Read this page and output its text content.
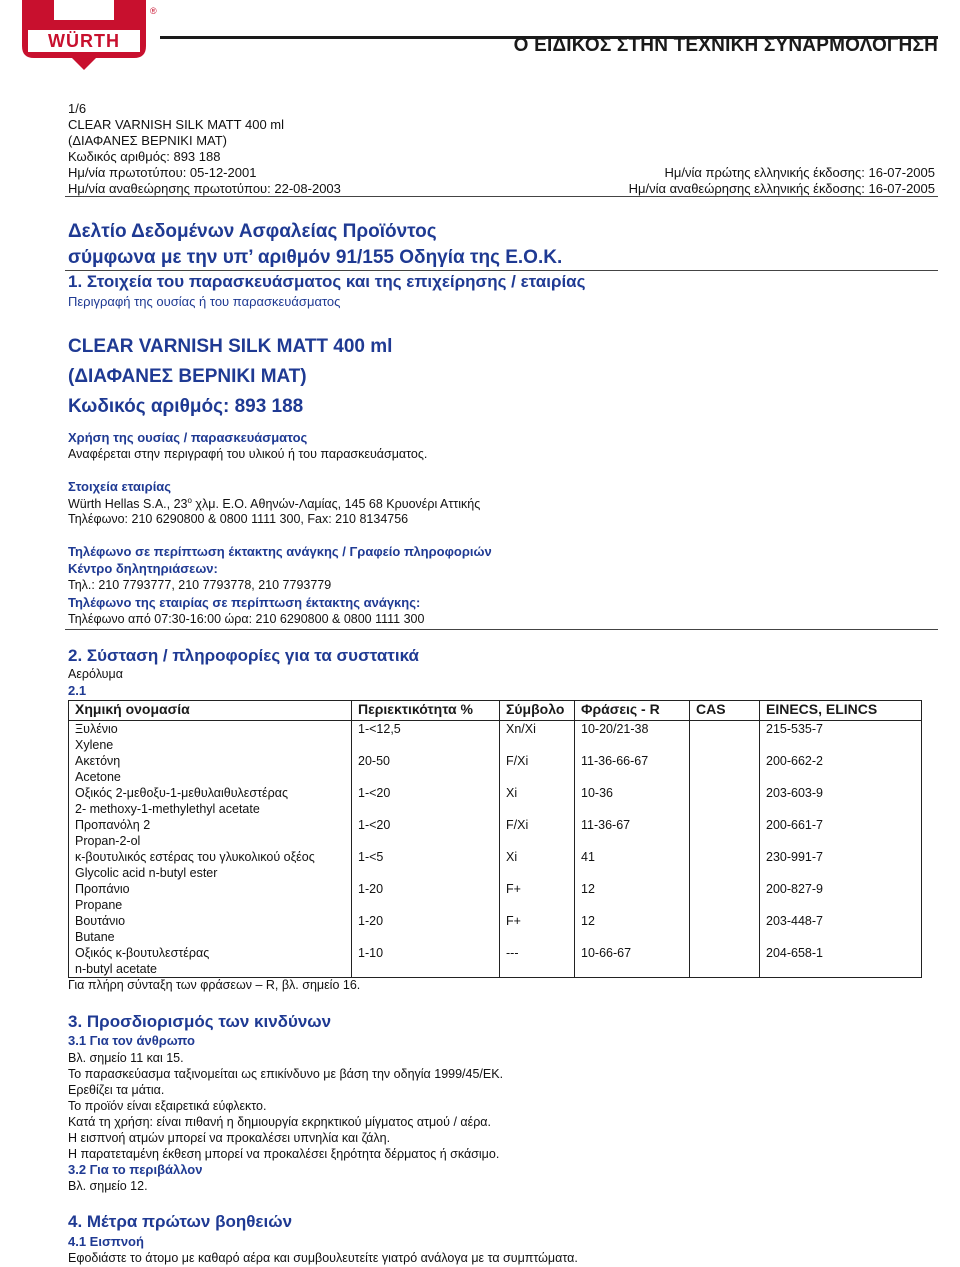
WÜRTH
®
Ο ΕΙΔΙΚΟΣ ΣΤΗΝ ΤΕΧΝΙΚΗ ΣΥΝΑΡΜΟΛΟΓΗΣΗ
1/6
CLEAR VARNISH SILK MATT 400 ml
(ΔΙΑΦΑΝΕΣ ΒΕΡΝΙΚΙ ΜΑΤ)
Κωδικός αριθμός: 893 188
Ημ/νία πρωτοτύπου: 05-12-2001
Ημ/νία αναθεώρησης πρωτοτύπου: 22-08-2003
Ημ/νία πρώτης ελληνικής έκδοσης: 16-07-2005
Ημ/νία αναθεώρησης ελληνικής έκδοσης: 16-07-2005
Δελτίο Δεδομένων Ασφαλείας Προϊόντος
σύμφωνα με την υπ’ αριθμόν 91/155 Οδηγία της Ε.Ο.Κ.
1. Στοιχεία του παρασκευάσματος και της επιχείρησης / εταιρίας
Περιγραφή της ουσίας ή του παρασκευάσματος
CLEAR VARNISH SILK MATT 400 ml
(ΔΙΑΦΑΝΕΣ ΒΕΡΝΙΚΙ ΜΑΤ)
Κωδικός αριθμός: 893 188
Χρήση της ουσίας / παρασκευάσματος
Αναφέρεται στην περιγραφή του υλικού ή του παρασκευάσματος.
Στοιχεία εταιρίας
Würth Hellas S.A., $23^o$ χλμ. Ε.Ο. Αθηνών-Λαμίας, 145 68 Κρυονέρι Αττικής
Τηλέφωνο: 210 6290800 & 0800 1111 300, Fax: 210 8134756
Τηλέφωνο σε περίπτωση έκτακτης ανάγκης / Γραφείο πληροφοριών
Κέντρο δηλητηριάσεων:
Τηλ.: 210 7793777, 210 7793778, 210 7793779
Τηλέφωνο της εταιρίας σε περίπτωση έκτακτης ανάγκης:
Τηλέφωνο από 07:30-16:00 ώρα: 210 6290800 & 0800 1111 300
2. Σύσταση / πληροφορίες για τα συστατικά
Αερόλυμα
2.1
Χημική ονομασία	Περιεκτικότητα %	Σύμβολο	Φράσεις - R	CAS	EINECS, ELINCS

Ξυλένιο
Xylene	1-<12,5	Xn/Xi	10-20/21-38		215-535-7

Ακετόνη
Acetone	20-50	F/Xi	11-36-66-67		200-662-2

Οξικός 2-μεθοξυ-1-μεθυλαιθυλεστέρας
2- methoxy-1-methylethyl acetate	1-<20	Xi	10-36		203-603-9

Προπανόλη 2
Propan-2-ol	1-<20	F/Xi	11-36-67		200-661-7

κ-βουτυλικός εστέρας του γλυκολικού οξέος
Glycolic acid n-butyl ester	1-<5	Xi	41		230-991-7

Προπάνιο
Propane	1-20	F+	12		200-827-9

Βουτάνιο
Butane	1-20	F+	12		203-448-7

Οξικός κ-βουτυλεστέρας
n-butyl acetate	1-10	---	10-66-67		204-658-1
Για πλήρη σύνταξη των φράσεων – R, βλ. σημείο 16.
3. Προσδιορισμός των κινδύνων
3.1 Για τον άνθρωπο
Βλ. σημείο 11 και 15.
Το παρασκεύασμα ταξινομείται ως επικίνδυνο με βάση την οδηγία 1999/45/ΕΚ.
Ερεθίζει τα μάτια.
Το προϊόν είναι εξαιρετικά εύφλεκτο.
Κατά τη χρήση: είναι πιθανή η δημιουργία εκρηκτικού μίγματος ατμού / αέρα.
Η εισπνοή ατμών μπορεί να προκαλέσει υπνηλία και ζάλη.
Η παρατεταμένη έκθεση μπορεί να προκαλέσει ξηρότητα δέρματος ή σκάσιμο.
3.2 Για το περιβάλλον
Βλ. σημείο 12.
4. Μέτρα πρώτων βοηθειών
4.1 Εισπνοή
Εφοδιάστε το άτομο με καθαρό αέρα και συμβουλευτείτε γιατρό ανάλογα με τα συμπτώματα.
